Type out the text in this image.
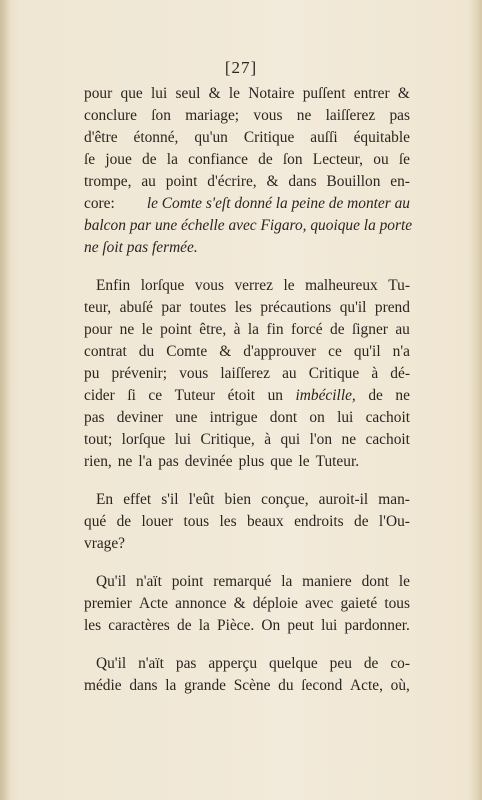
[27]
pour que lui seul & le Notaire puſſent entrer &
conclure ſon mariage; vous ne laiſſerez pas
d'être étonné, qu'un Critique auſſi équitable
ſe joue de la confiance de ſon Lecteur, ou ſe
trompe, au point d'écrire, & dans Bouillon en-
core: le Comte s'eſt donné la peine de monter au
balcon par une échelle avec Figaro, quoique la porte
ne ſoit pas fermée.
Enfin lorſque vous verrez le malheureux Tu-
teur, abuſé par toutes les précautions qu'il prend
pour ne le point être, à la fin forcé de ſigner au
contrat du Comte & d'approuver ce qu'il n'a
pu prévenir; vous laiſſerez au Critique à dé-
cider ſi ce Tuteur étoit un imbécille, de ne
pas deviner une intrigue dont on lui cachoit
tout; lorſque lui Critique, à qui l'on ne cachoit
rien, ne l'a pas devinée plus que le Tuteur.
En effet s'il l'eût bien conçue, auroit-il man-
qué de louer tous les beaux endroits de l'Ou-
vrage?
Qu'il n'aït point remarqué la maniere dont le
premier Acte annonce & déploie avec gaieté tous
les caractères de la Pièce. On peut lui pardonner.
Qu'il n'aït pas apperçu quelque peu de co-
médie dans la grande Scène du ſecond Acte, où,
